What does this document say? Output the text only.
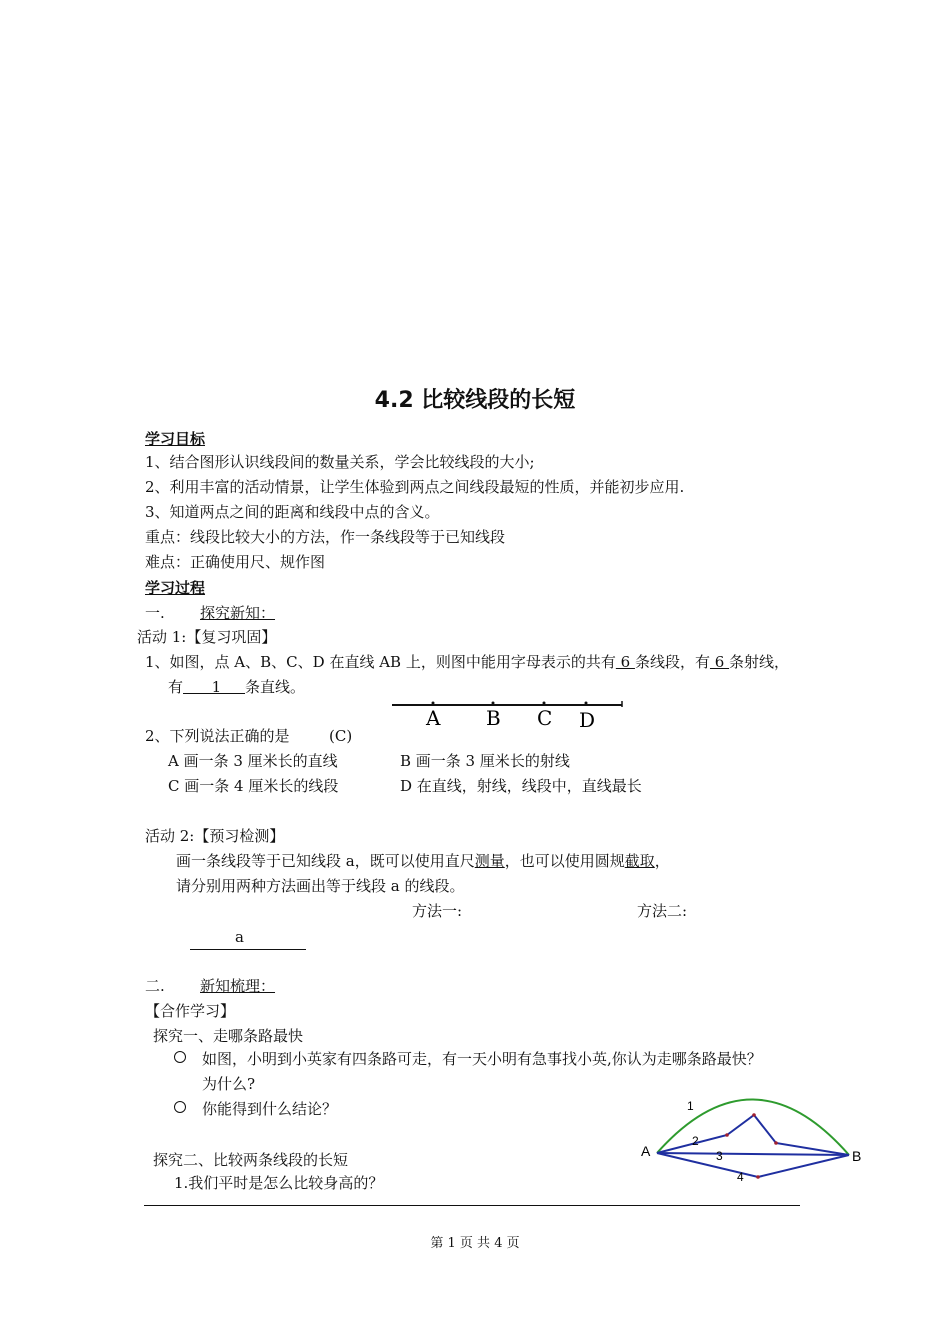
4.2 比较线段的长短
学习目标
1、结合图形认识线段间的数量关系，学会比较线段的大小;
2、利用丰富的活动情景，让学生体验到两点之间线段最短的性质，并能初步应用.
3、知道两点之间的距离和线段中点的含义。
重点：线段比较大小的方法，作一条线段等于已知线段
难点：正确使用尺、规作图
学习过程
一. 探究新知：
活动 1:【复习巩固】
1、如图，点 A、B、C、D 在直线 AB 上，则图中能用字母表示的共有 6 条线段，有 6 条射线，
有      1     条直线。
A B C D
2、下列说法正确的是	(C)
A 画一条 3 厘米长的直线	B 画一条 3 厘米长的射线
C 画一条 4 厘米长的线段	D 在直线，射线，线段中，直线最长
活动 2:【预习检测】
画一条线段等于已知线段 a，既可以使用直尺测量，也可以使用圆规截取，
请分别用两种方法画出等于线段 a 的线段。
方法一:	方法二:
a
二. 新知梳理：
【合作学习】
探究一、走哪条路最快
如图，小明到小英家有四条路可走，有一天小明有急事找小英,你认为走哪条路最快？
为什么?
你能得到什么结论？
探究二、比较两条线段的长短
1.我们平时是怎么比较身高的？
A	B
1
2
3
4
第 1 页 共 4 页
